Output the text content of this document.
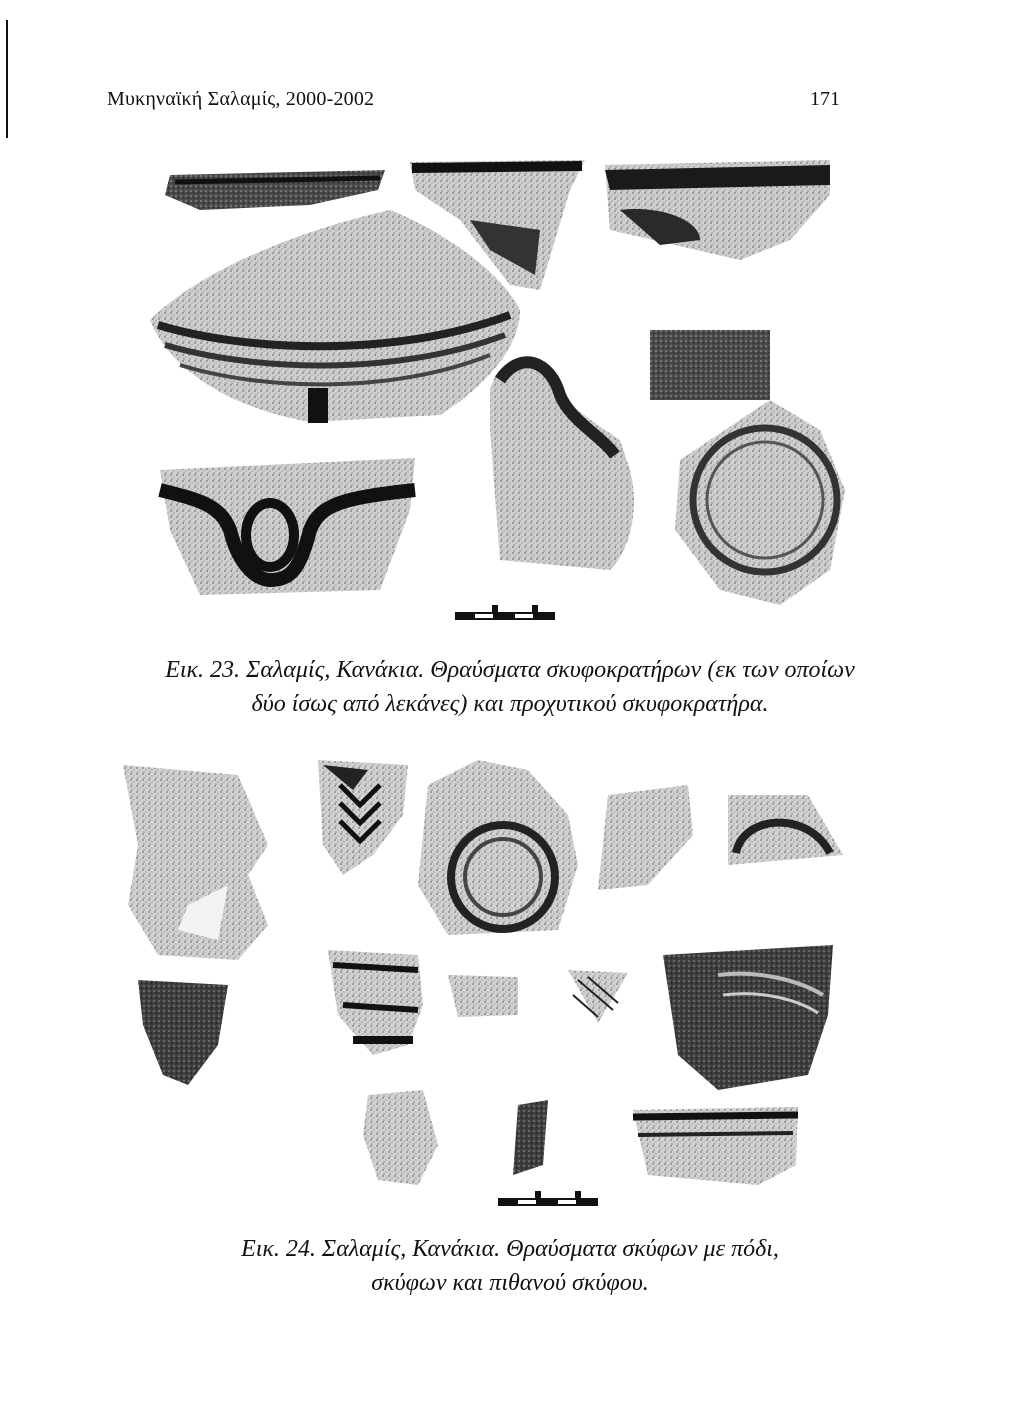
Μυκηναϊκή Σαλαμίς, 2000-2002	171
Εικ. 23. Σαλαμίς, Κανάκια. Θραύσματα σκυφοκρατήρων (εκ των οποίων
δύο ίσως από λεκάνες) και προχυτικού σκυφοκρατήρα.
Εικ. 24. Σαλαμίς, Κανάκια. Θραύσματα σκύφων με πόδι,
σκύφων και πιθανού σκύφου.
